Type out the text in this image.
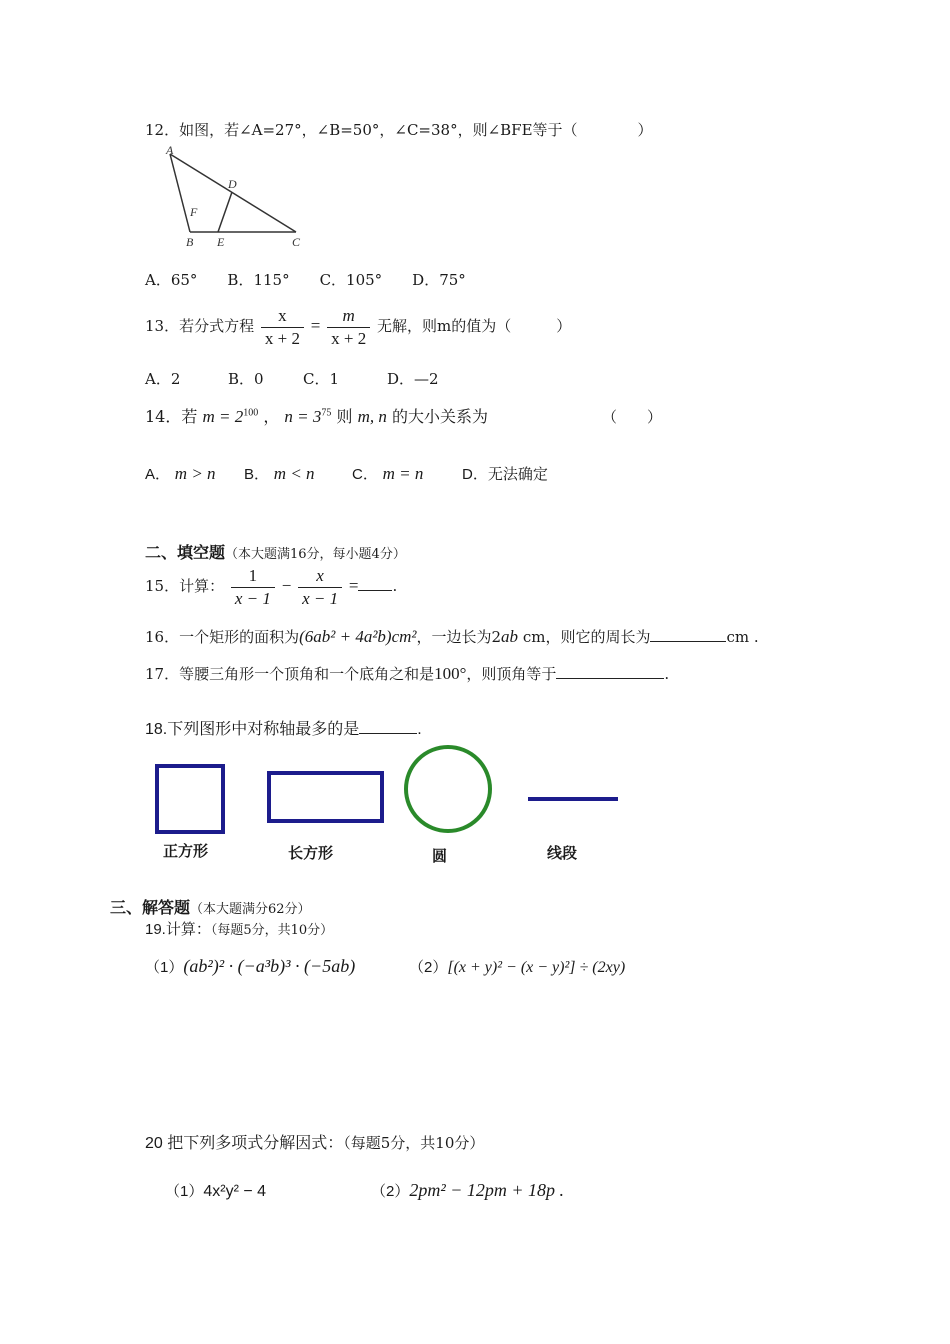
12．如图，若∠A=27°，∠B=50°，∠C=38°，则∠BFE等于（　　　　）
A
D
F
B E	C
A．65°　　B．115°　　C．105°　　D．75°
13．若分式方程 $\frac{x}{x + 2} = \frac{m}{x + 2}$ 无解，则m的值为（　　　）
A．2	B．0	C．1	D．—2
14．若 $m = 2^{100}$ ， $n = 3^{75}$ 则 m, n 的大小关系为	（　　）
A． m > n B． m < n C． m = n	D．无法确定
二、填空题（本大题满16分，每小题4分）
15．计算： $\frac{1}{x - 1} - \frac{x}{x - 1}$ = .
16．一个矩形的面积为(6ab² + 4a²b)cm²，一边长为2ab cm，则它的周长为	cm .
17．等腰三角形一个顶角和一个底角之和是100°，则顶角等于	.
18.下列图形中对称轴最多的是	.
正方形	长方形	圆	线段
三、解答题（本大题满分62分）
19.计算：（每题5分，共10分）
（1）(ab²)² · (−a³b)³ · (−5ab)	（2）[(x + y)² − (x − y)²] ÷ (2xy)
20 把下列多项式分解因式：（每题5分，共10分）
（1）4x²y² − 4	（2）2pm² − 12pm + 18p .
